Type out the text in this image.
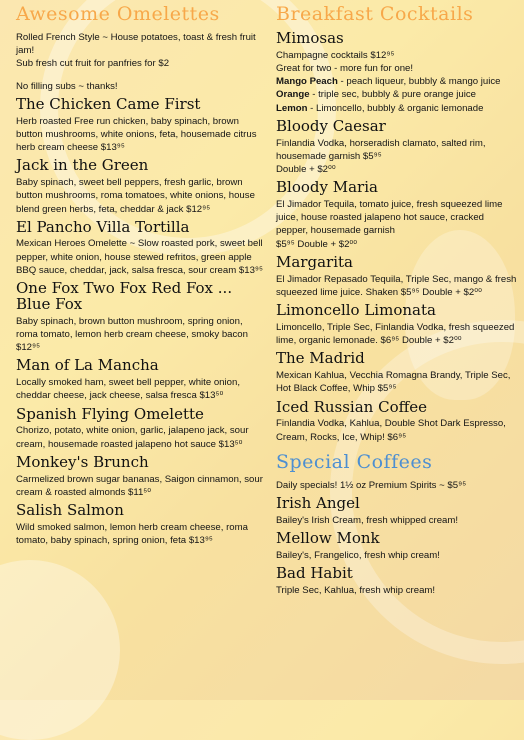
Awesome Omelettes

Rolled French Style ~ House potatoes, toast & fresh fruit jam!

Sub fresh cut fruit for panfries for $2

No filling subs ~ thanks!

The Chicken Came First

Herb roasted Free run chicken, baby spinach, brown button mushrooms, white onions, feta, housemade citrus herb cream cheese $13⁹⁵

Jack in the Green

Baby spinach, sweet bell peppers, fresh garlic, brown button mushrooms, roma tomatoes, white onions, house blend green herbs, feta, cheddar & jack $12⁹⁵

El Pancho Villa Tortilla

Mexican Heroes Omelette ~ Slow roasted pork, sweet bell pepper, white onion, house stewed refritos, green apple BBQ sauce, cheddar, jack, salsa fresca, sour cream $13⁹⁵

One Fox Two Fox Red Fox ... Blue Fox

Baby spinach, brown button mushroom, spring onion, roma tomato, lemon herb cream cheese, smoky bacon $12⁹⁵

Man of La Mancha

Locally smoked ham, sweet bell pepper, white onion, cheddar cheese, jack cheese, salsa fresca $13⁵⁰

Spanish Flying Omelette

Chorizo, potato, white onion, garlic, jalapeno jack, sour cream, housemade roasted jalapeno hot sauce $13⁵⁰

Monkey's Brunch

Carmelized brown sugar bananas, Saigon cinnamon, sour cream & roasted almonds $11⁵⁰

Salish Salmon

Wild smoked salmon, lemon herb cream cheese, roma tomato, baby spinach, spring onion, feta $13⁹⁵

Breakfast Cocktails
Mimosas

Champagne cocktails $12⁹⁵

Great for two - more fun for one!

Mango Peach - peach liqueur, bubbly & mango juice

Orange - triple sec, bubbly & pure orange juice

Lemon - Limoncello, bubbly & organic lemonade

Bloody Caesar

Finlandia Vodka, horseradish clamato, salted rim, housemade garnish $5⁹⁵

Double + $2⁰⁰

Bloody Maria

El Jimador Tequila, tomato juice, fresh squeezed lime juice, house roasted jalapeno hot sauce, cracked pepper, housemade garnish

$5⁹⁵ Double + $2⁰⁰

Margarita

El Jimador Repasado Tequila, Triple Sec, mango & fresh squeezed lime juice. Shaken $5⁹⁵ Double + $2⁰⁰

Limoncello Limonata

Limoncello, Triple Sec, Finlandia Vodka, fresh squeezed lime, organic lemonade. $6⁹⁵ Double + $2⁰⁰

The Madrid

Mexican Kahlua, Vecchia Romagna Brandy, Triple Sec, Hot Black Coffee, Whip $5⁹⁵

Iced Russian Coffee

Finlandia Vodka, Kahlua, Double Shot Dark Espresso, Cream, Rocks, Ice, Whip! $6⁹⁵

Special Coffees

Daily specials! 1½ oz Premium Spirits ~ $5⁹⁵

Irish Angel

Bailey's Irish Cream, fresh whipped cream!

Mellow Monk

Bailey's, Frangelico, fresh whip cream!

Bad Habit

Triple Sec, Kahlua, fresh whip cream!
